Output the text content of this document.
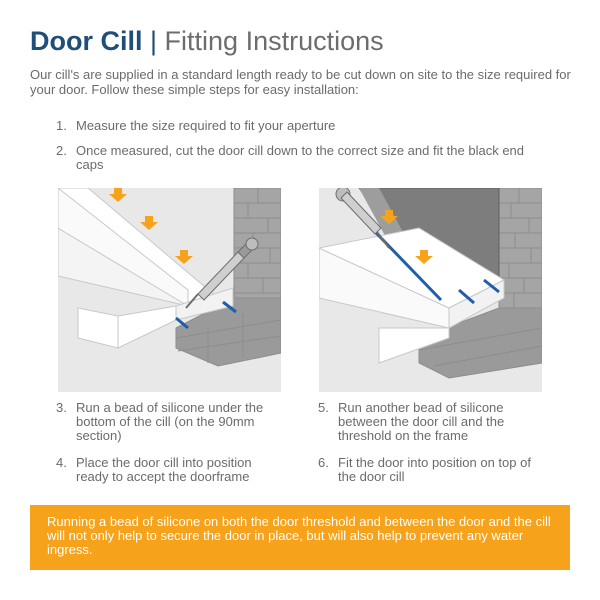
Door Cill | Fitting Instructions
Our cill's are supplied in a standard length ready to be cut down on site to the size required for your door. Follow these simple steps for easy installation:
1. Measure the size required to fit your aperture
2. Once measured, cut the door cill down to the correct size and fit the black end caps
3. Run a bead of silicone under the bottom of the cill (on the 90mm section)
4. Place the door cill into position ready to accept the doorframe
5. Run another bead of silicone between the door cill and the threshold on the frame
6. Fit the door into position on top of the door cill
Running a bead of silicone on both the door threshold and between the door and the cill will not only help to secure the door in place, but will also help to prevent any water ingress.
